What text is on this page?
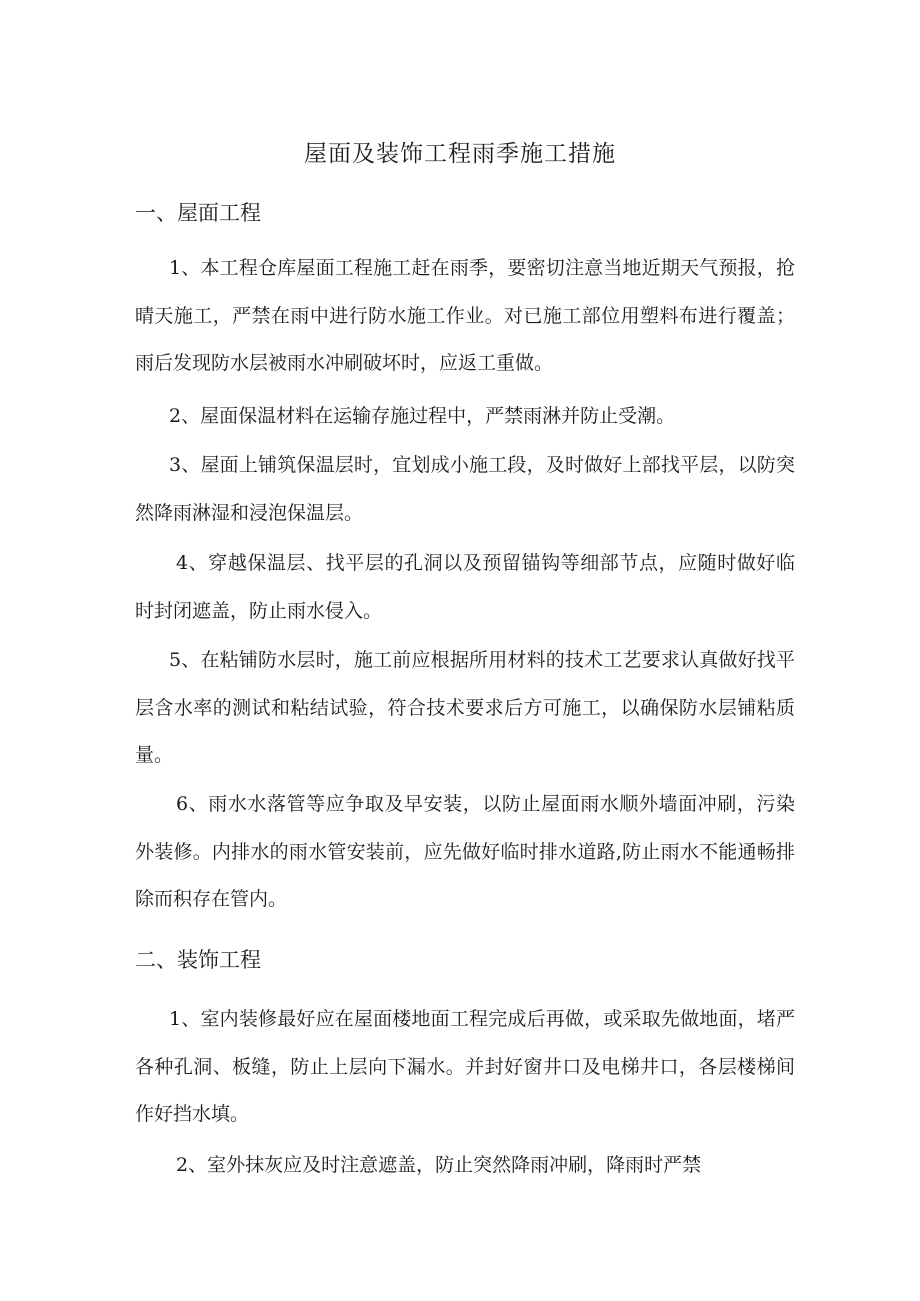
屋面及装饰工程雨季施工措施
一、屋面工程

1、本工程仓库屋面工程施工赶在雨季，要密切注意当地近期天气预报，抢晴天施工，严禁在雨中进行防水施工作业。对已施工部位用塑料布进行覆盖；雨后发现防水层被雨水冲刷破坏时，应返工重做。

2、屋面保温材料在运输存施过程中，严禁雨淋并防止受潮。

3、屋面上铺筑保温层时，宜划成小施工段，及时做好上部找平层，以防突然降雨淋湿和浸泡保温层。

4、穿越保温层、找平层的孔洞以及预留锚钩等细部节点，应随时做好临时封闭遮盖，防止雨水侵入。

5、在粘铺防水层时，施工前应根据所用材料的技术工艺要求认真做好找平层含水率的测试和粘结试验，符合技术要求后方可施工，以确保防水层铺粘质量。

6、雨水水落管等应争取及早安装，以防止屋面雨水顺外墙面冲刷，污染外装修。内排水的雨水管安装前，应先做好临时排水道路,防止雨水不能通畅排除而积存在管内。

二、装饰工程

1、室内装修最好应在屋面楼地面工程完成后再做，或采取先做地面，堵严各种孔洞、板缝，防止上层向下漏水。并封好窗井口及电梯井口，各层楼梯间作好挡水填。

2、室外抹灰应及时注意遮盖，防止突然降雨冲刷，降雨时严禁
